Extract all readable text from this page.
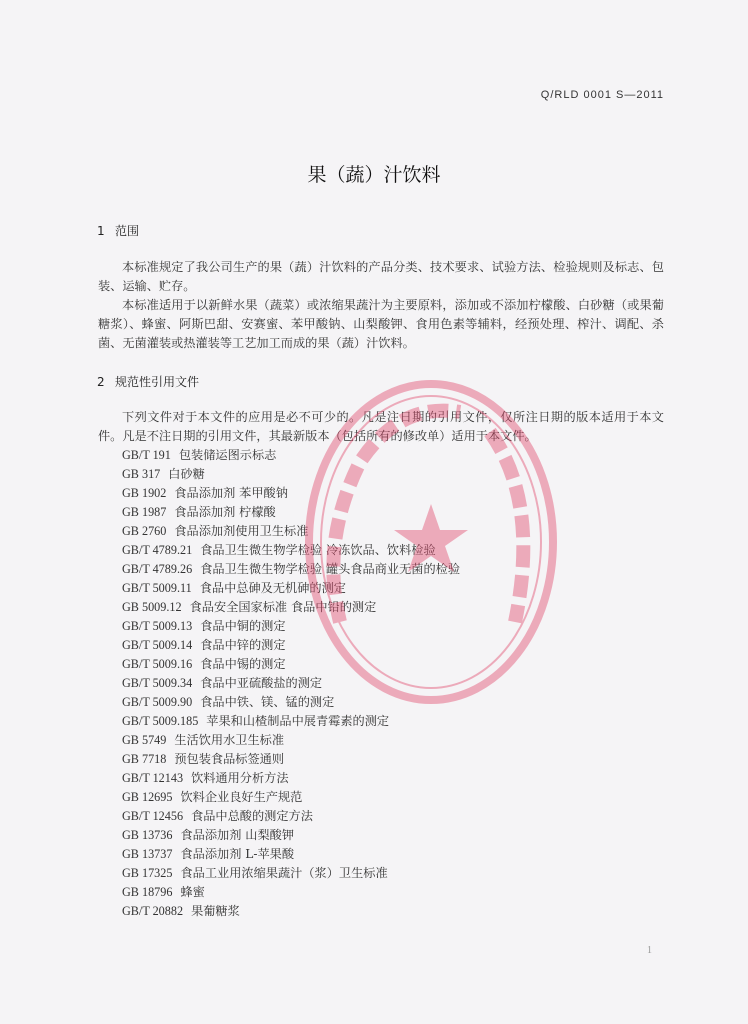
Q/RLD 0001 S—2011
果（蔬）汁饮料
1 范围
本标准规定了我公司生产的果（蔬）汁饮料的产品分类、技术要求、试验方法、检验规则及标志、包装、运输、贮存。
本标准适用于以新鲜水果（蔬菜）或浓缩果蔬汁为主要原料，添加或不添加柠檬酸、白砂糖（或果葡糖浆）、蜂蜜、阿斯巴甜、安赛蜜、苯甲酸钠、山梨酸钾、食用色素等辅料，经预处理、榨汁、调配、杀菌、无菌灌装或热灌装等工艺加工而成的果（蔬）汁饮料。
2 规范性引用文件
下列文件对于本文件的应用是必不可少的。凡是注日期的引用文件，仅所注日期的版本适用于本文件。凡是不注日期的引用文件，其最新版本（包括所有的修改单）适用于本文件。
GB/T 191 包装储运图示标志
GB 317 白砂糖
GB 1902 食品添加剂 苯甲酸钠
GB 1987 食品添加剂 柠檬酸
GB 2760 食品添加剂使用卫生标准
GB/T 4789.21 食品卫生微生物学检验 冷冻饮品、饮料检验
GB/T 4789.26 食品卫生微生物学检验 罐头食品商业无菌的检验
GB/T 5009.11 食品中总砷及无机砷的测定
GB 5009.12 食品安全国家标准 食品中铅的测定
GB/T 5009.13 食品中铜的测定
GB/T 5009.14 食品中锌的测定
GB/T 5009.16 食品中锡的测定
GB/T 5009.34 食品中亚硫酸盐的测定
GB/T 5009.90 食品中铁、镁、锰的测定
GB/T 5009.185 苹果和山楂制品中展青霉素的测定
GB 5749 生活饮用水卫生标准
GB 7718 预包装食品标签通则
GB/T 12143 饮料通用分析方法
GB 12695 饮料企业良好生产规范
GB/T 12456 食品中总酸的测定方法
GB 13736 食品添加剂 山梨酸钾
GB 13737 食品添加剂 L-苹果酸
GB 17325 食品工业用浓缩果蔬汁（浆）卫生标准
GB 18796 蜂蜜
GB/T 20882 果葡糖浆
1
